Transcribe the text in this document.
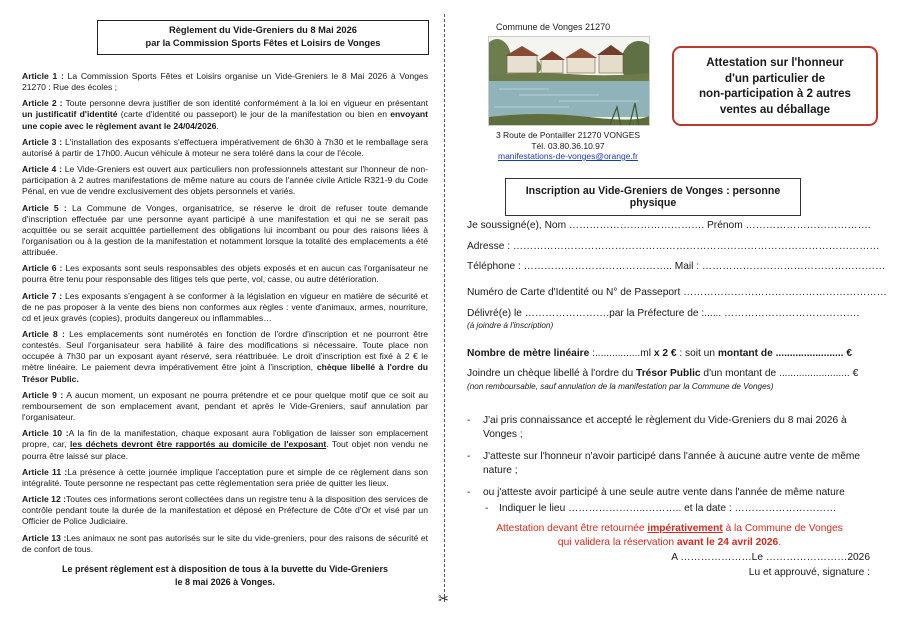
Règlement du Vide-Greniers du 8 Mai 2026
par la Commission Sports Fêtes et Loisirs de Vonges

Article 1 : La Commission Sports Fêtes et Loisirs organise un Vide-Greniers le 8 Mai 2026 à Vonges 21270 : Rue des écoles ;

Article 2 : Toute personne devra justifier de son identité conformément à la loi en vigueur en présentant un justificatif d'identité (carte d'identité ou passeport) le jour de la manifestation ou bien en envoyant une copie avec le règlement avant le 24/04/2026.

Article 3 : L'installation des exposants s'effectuera impérativement de 6h30 à 7h30 et le remballage sera autorisé à partir de 17h00. Aucun véhicule à moteur ne sera toléré dans la cour de l'école.

Article 4 : Le Vide-Greniers est ouvert aux particuliers non professionnels attestant sur l'honneur de non-participation à 2 autres manifestations de même nature au cours de l'année civile Article R321-9 du Code Pénal, en vue de vendre exclusivement des objets personnels et variés.

Article 5 : La Commune de Vonges, organisatrice, se réserve le droit de refuser toute demande d'inscription effectuée par une personne ayant participé à une manifestation et qui ne se serait pas acquittée ou se serait acquittée partiellement des obligations lui incombant ou pour des raisons liées à l'organisation ou à la gestion de la manifestation et notamment lorsque la totalité des emplacements a été attribuée.

Article 6 : Les exposants sont seuls responsables des objets exposés et en aucun cas l'organisateur ne pourra être tenu pour responsable des litiges tels que perte, vol, casse, ou autre détérioration.

Article 7 : Les exposants s'engagent à se conformer à la législation en vigueur en matière de sécurité et de ne pas proposer à la vente des biens non conformes aux règles : vente d'animaux, armes, nourriture, cd et jeux gravés (copies), produits dangereux ou inflammables…

Article 8 : Les emplacements sont numérotés en fonction de l'ordre d'inscription et ne pourront être contestés. Seul l'organisateur sera habilité à faire des modifications si nécessaire. Toute place non occupée à 7h30 par un exposant ayant réservé, sera réattribuée. Le droit d'inscription est fixé à 2 € le mètre linéaire. Le paiement devra impérativement être joint à l'inscription, chèque libellé à l'ordre du Trésor Public.

Article 9 : A aucun moment, un exposant ne pourra prétendre et ce pour quelque motif que ce soit au remboursement de son emplacement avant, pendant et après le Vide-Greniers, sauf annulation par l'organisateur.

Article 10 :A la fin de la manifestation, chaque exposant aura l'obligation de laisser son emplacement propre, car, les déchets devront être rapportés au domicile de l'exposant. Tout objet non vendu ne pourra être laissé sur place.

Article 11 :La présence à cette journée implique l'acceptation pure et simple de ce règlement dans son intégralité. Toute personne ne respectant pas cette règlementation sera priée de quitter les lieux.

Article 12 :Toutes ces informations seront collectées dans un registre tenu à la disposition des services de contrôle pendant toute la durée de la manifestation et déposé en Préfecture de Côte d'Or et visé par un Officier de Police Judiciaire.

Article 13 :Les animaux ne sont pas autorisés sur le site du vide-greniers, pour des raisons de sécurité et de confort de tous.

Le présent règlement est à disposition de tous à la buvette du Vide-Greniers
le 8 mai 2026 à Vonges.
✂
Commune de Vonges 21270
3 Route de Pontailler 21270 VONGES
Tél. 03.80.36.10.97
manifestations-de-vonges@orange.fr
Attestation sur l'honneur
d'un particulier de
non-participation à 2 autres
ventes au déballage
Inscription au Vide-Greniers de Vonges : personne physique
Je soussigné(e), Nom …………………………………. Prénom ……………………………….
Adresse : ………………………………………………………………………………………………
Téléphone : …………………………………….. Mail : ………………………………………………
Numéro de Carte d'Identité ou N° de Passeport ……………………………………………………
Délivré(e) le …………………….par la Préfecture de :...... ………………………………….
(à joindre à l'inscription)
Nombre de mètre linéaire :................ml x 2 € : soit un montant de ........................ €
Joindre un chèque libellé à l'ordre du Trésor Public d'un montant de ......................... €
(non remboursable, sauf annulation de la manifestation par la Commune de Vonges)
- J'ai pris connaissance et accepté le règlement du Vide-Greniers du 8 mai 2026 à Vonges ;
- J'atteste sur l'honneur n'avoir participé dans l'année à aucune autre vente de même nature ;
- ou j'atteste avoir participé à une seule autre vente dans l'année de même nature
- Indiquer le lieu …………………..……….. et la date : …………………………
Attestation devant être retournée impérativement à la Commune de Vonges
qui validera la réservation avant le 24 avril 2026.
A …………………Le ……………………2026
Lu et approuvé, signature :
